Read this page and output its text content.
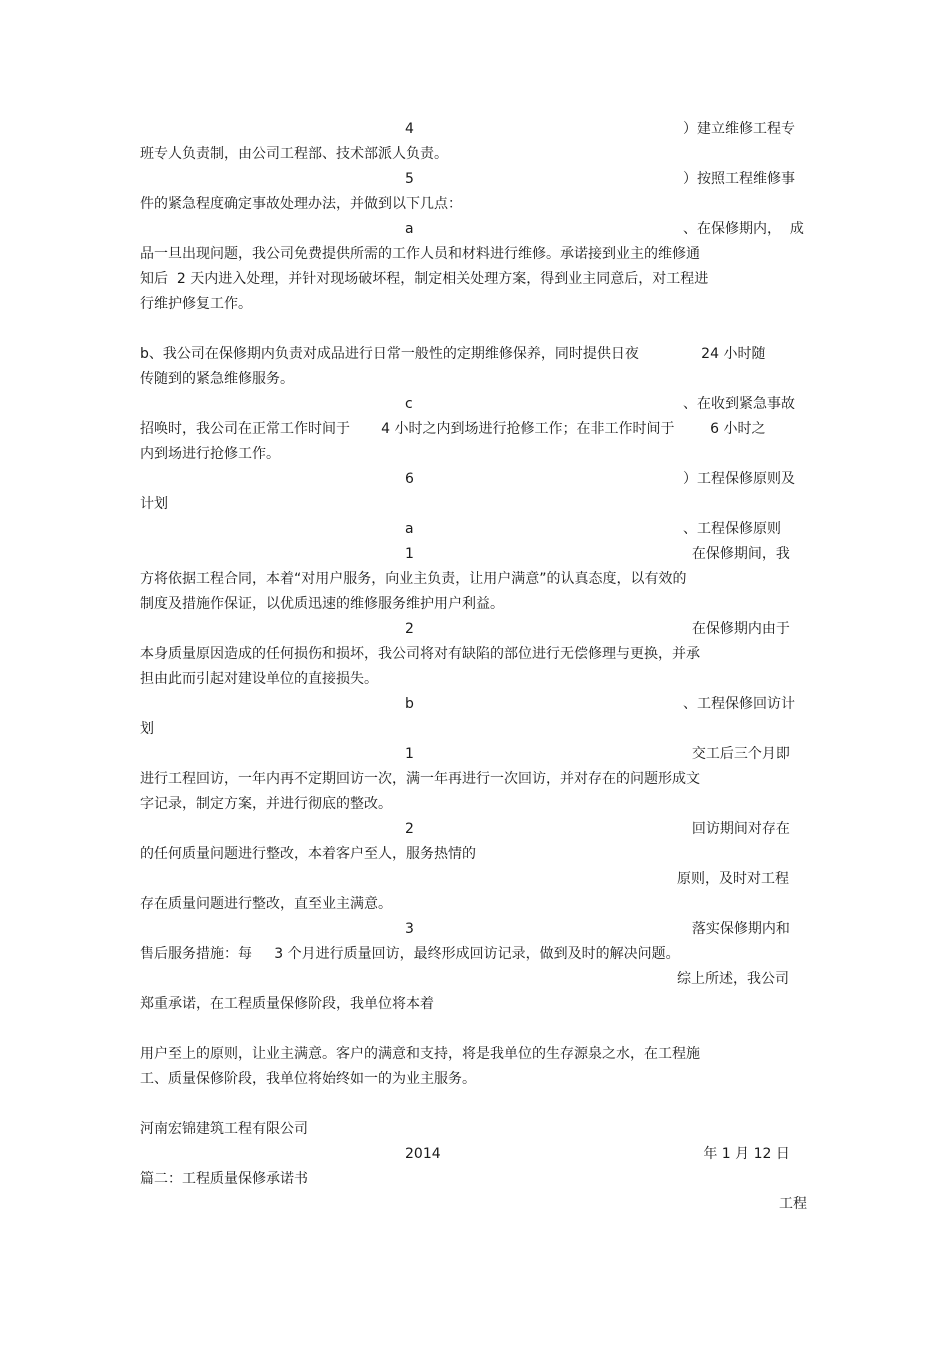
4	）建立维修工程专
班专人负责制，由公司工程部、技术部派人负责。
5	）按照工程维修事
件的紧急程度确定事故处理办法，并做到以下几点：
a	、在保修期内，  成
品一旦出现问题，我公司免费提供所需的工作人员和材料进行维修。承诺接到业主的维修通
知后  2 天内进入处理，并针对现场破坏程，制定相关处理方案，得到业主同意后，对工程进
行维护修复工作。
b、我公司在保修期内负责对成品进行日常一般性的定期维修保养，同时提供日夜              24 小时随
传随到的紧急维修服务。
c	、在收到紧急事故
招唤时，我公司在正常工作时间于       4 小时之内到场进行抢修工作；在非工作时间于        6 小时之
内到场进行抢修工作。
6	）工程保修原则及
计划
a	、工程保修原则
1	在保修期间，我
方将依据工程合同，本着“对用户服务，向业主负责，让用户满意”的认真态度，以有效的
制度及措施作保证，以优质迅速的维修服务维护用户利益。
2	在保修期内由于
本身质量原因造成的任何损伤和损坏，我公司将对有缺陷的部位进行无偿修理与更换，并承
担由此而引起对建设单位的直接损失。
b	、工程保修回访计
划
1	交工后三个月即
进行工程回访，一年内再不定期回访一次，满一年再进行一次回访，并对存在的问题形成文
字记录，制定方案，并进行彻底的整改。
2	回访期间对存在
的任何质量问题进行整改，本着客户至人，服务热情的
原则，及时对工程
存在质量问题进行整改，直至业主满意。
3	落实保修期内和
售后服务措施：每     3 个月进行质量回访，最终形成回访记录，做到及时的解决问题。
综上所述，我公司
郑重承诺，在工程质量保修阶段，我单位将本着
用户至上的原则，让业主满意。客户的满意和支持，将是我单位的生存源泉之水，在工程施
工、质量保修阶段，我单位将始终如一的为业主服务。
河南宏锦建筑工程有限公司
2014	年 1 月 12 日
篇二：工程质量保修承诺书
工程
